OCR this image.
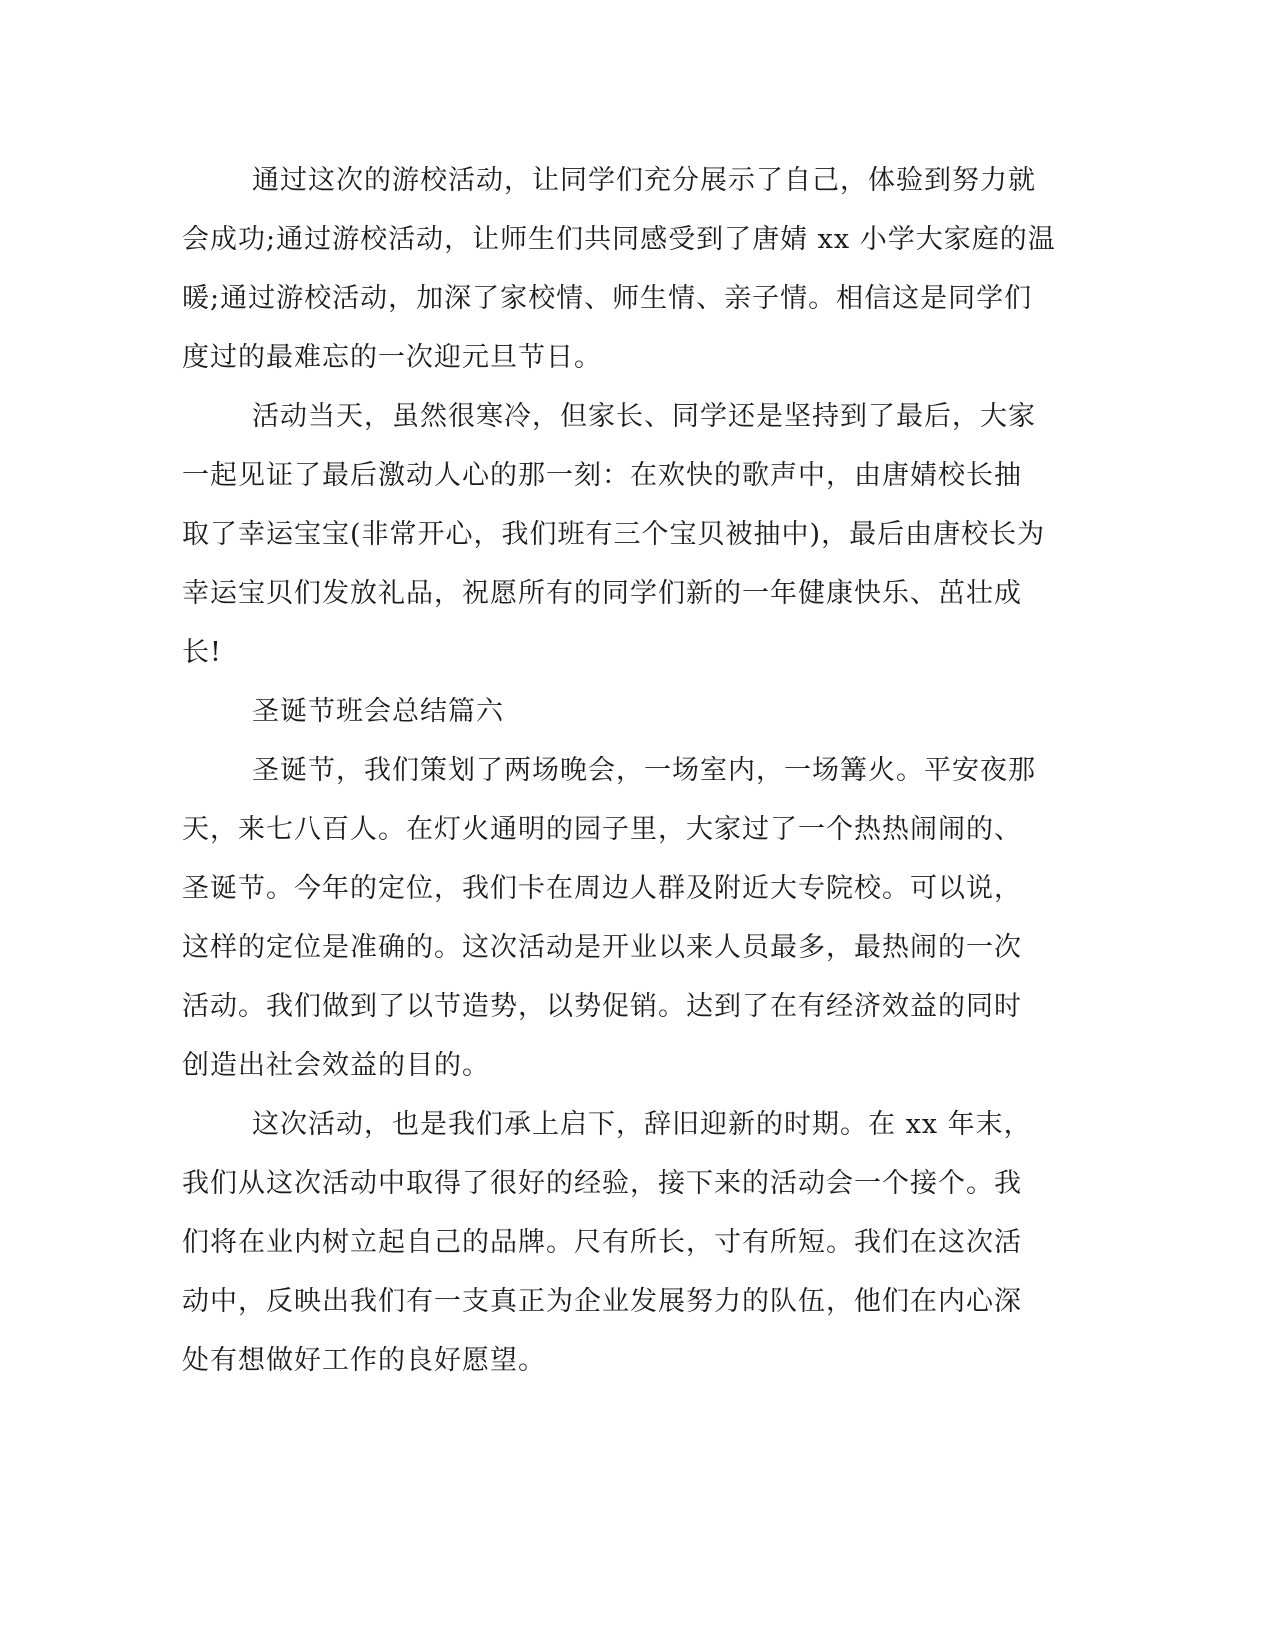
通过这次的游校活动，让同学们充分展示了自己，体验到努力就
会成功;通过游校活动，让师生们共同感受到了唐婧 xx 小学大家庭的温
暖;通过游校活动，加深了家校情、师生情、亲子情。相信这是同学们
度过的最难忘的一次迎元旦节日。
活动当天，虽然很寒冷，但家长、同学还是坚持到了最后，大家
一起见证了最后激动人心的那一刻：在欢快的歌声中，由唐婧校长抽
取了幸运宝宝(非常开心，我们班有三个宝贝被抽中)，最后由唐校长为
幸运宝贝们发放礼品，祝愿所有的同学们新的一年健康快乐、茁壮成
长!
圣诞节班会总结篇六
圣诞节，我们策划了两场晚会，一场室内，一场篝火。平安夜那
天，来七八百人。在灯火通明的园子里，大家过了一个热热闹闹的、
圣诞节。今年的定位，我们卡在周边人群及附近大专院校。可以说，
这样的定位是准确的。这次活动是开业以来人员最多，最热闹的一次
活动。我们做到了以节造势，以势促销。达到了在有经济效益的同时
创造出社会效益的目的。
这次活动，也是我们承上启下，辞旧迎新的时期。在 xx 年末，
我们从这次活动中取得了很好的经验，接下来的活动会一个接个。我
们将在业内树立起自己的品牌。尺有所长，寸有所短。我们在这次活
动中，反映出我们有一支真正为企业发展努力的队伍，他们在内心深
处有想做好工作的良好愿望。
